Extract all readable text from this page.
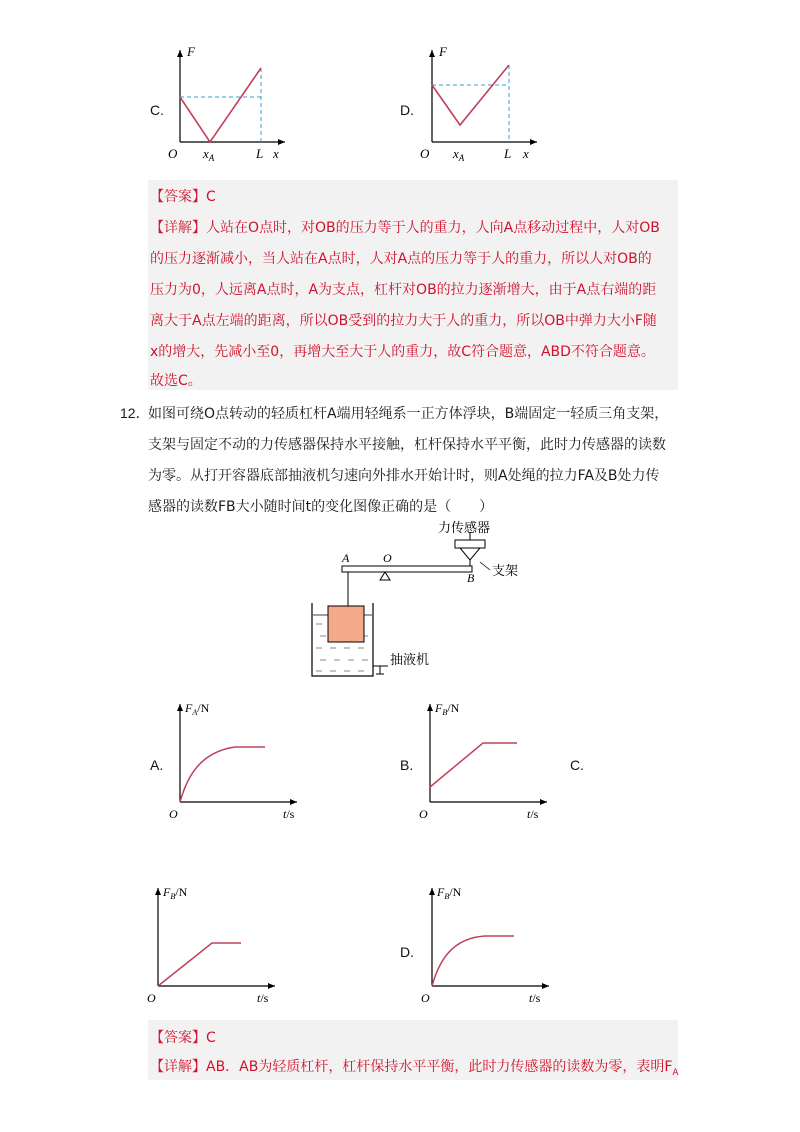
C.
F
O $x_A$	L x
D.
F
O $x_A$	L x
【答案】C
【详解】人站在O点时，对OB的压力等于人的重力，人向A点移动过程中，人对OB
的压力逐渐减小，当人站在A点时，人对A点的压力等于人的重力，所以人对OB的
压力为0，人远离A点时，A为支点，杠杆对OB的拉力逐渐增大，由于A点右端的距
离大于A点左端的距离，所以OB受到的拉力大于人的重力，所以OB中弹力大小F随
x的增大，先减小至0，再增大至大于人的重力，故C符合题意，ABD不符合题意。
故选C。
12．
如图可绕O点转动的轻质杠杆A端用轻绳系一正方体浮块，B端固定一轻质三角支架，
支架与固定不动的力传感器保持水平接触，杠杆保持水平平衡，此时力传感器的读数
为零。从打开容器底部抽液机匀速向外排水开始计时，则A处绳的拉力FA及B处力传
感器的读数FB大小随时间t的变化图像正确的是（　　）
A	O
B
力传感器
支架
抽液机
A.
$F_A/N$
O	t/s
B.
$F_B/N$
O	t/s
C.
$F_B/N$
O	t/s
D.
$F_B/N$
O	t/s
【答案】C
【详解】AB．AB为轻质杠杆，杠杆保持水平平衡，此时力传感器的读数为零，表明$F_A$
